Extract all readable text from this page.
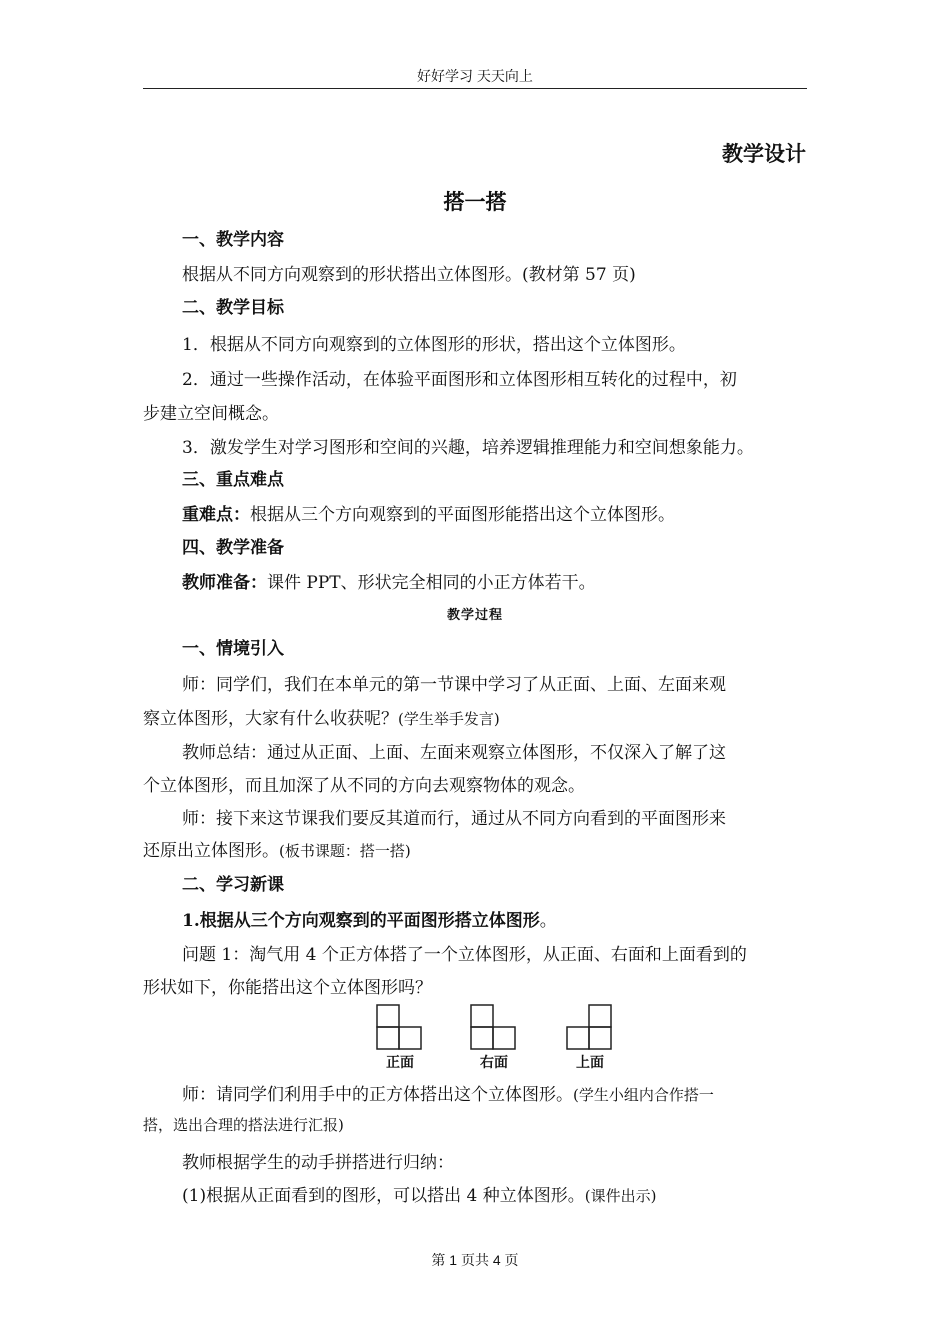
好好学习 天天向上
教学设计
搭一搭
一、教学内容
根据从不同方向观察到的形状搭出立体图形。(教材第 57 页)
二、教学目标
1．根据从不同方向观察到的立体图形的形状，搭出这个立体图形。
2．通过一些操作活动，在体验平面图形和立体图形相互转化的过程中，初
步建立空间概念。
3．激发学生对学习图形和空间的兴趣，培养逻辑推理能力和空间想象能力。
三、重点难点
重难点：根据从三个方向观察到的平面图形能搭出这个立体图形。
四、教学准备
教师准备：课件 PPT、形状完全相同的小正方体若干。
教学过程
一、情境引入
师：同学们，我们在本单元的第一节课中学习了从正面、上面、左面来观
察立体图形，大家有什么收获呢？(学生举手发言)
教师总结：通过从正面、上面、左面来观察立体图形，不仅深入了解了这
个立体图形，而且加深了从不同的方向去观察物体的观念。
师：接下来这节课我们要反其道而行，通过从不同方向看到的平面图形来
还原出立体图形。(板书课题：搭一搭)
二、学习新课
1.根据从三个方向观察到的平面图形搭立体图形。
问题 1：淘气用 4 个正方体搭了一个立体图形，从正面、右面和上面看到的
形状如下，你能搭出这个立体图形吗？
正面	右面	上面
师：请同学们利用手中的正方体搭出这个立体图形。(学生小组内合作搭一
搭，选出合理的搭法进行汇报)
教师根据学生的动手拼搭进行归纳：
(1)根据从正面看到的图形，可以搭出 4 种立体图形。(课件出示)
第 1 页共 4 页
